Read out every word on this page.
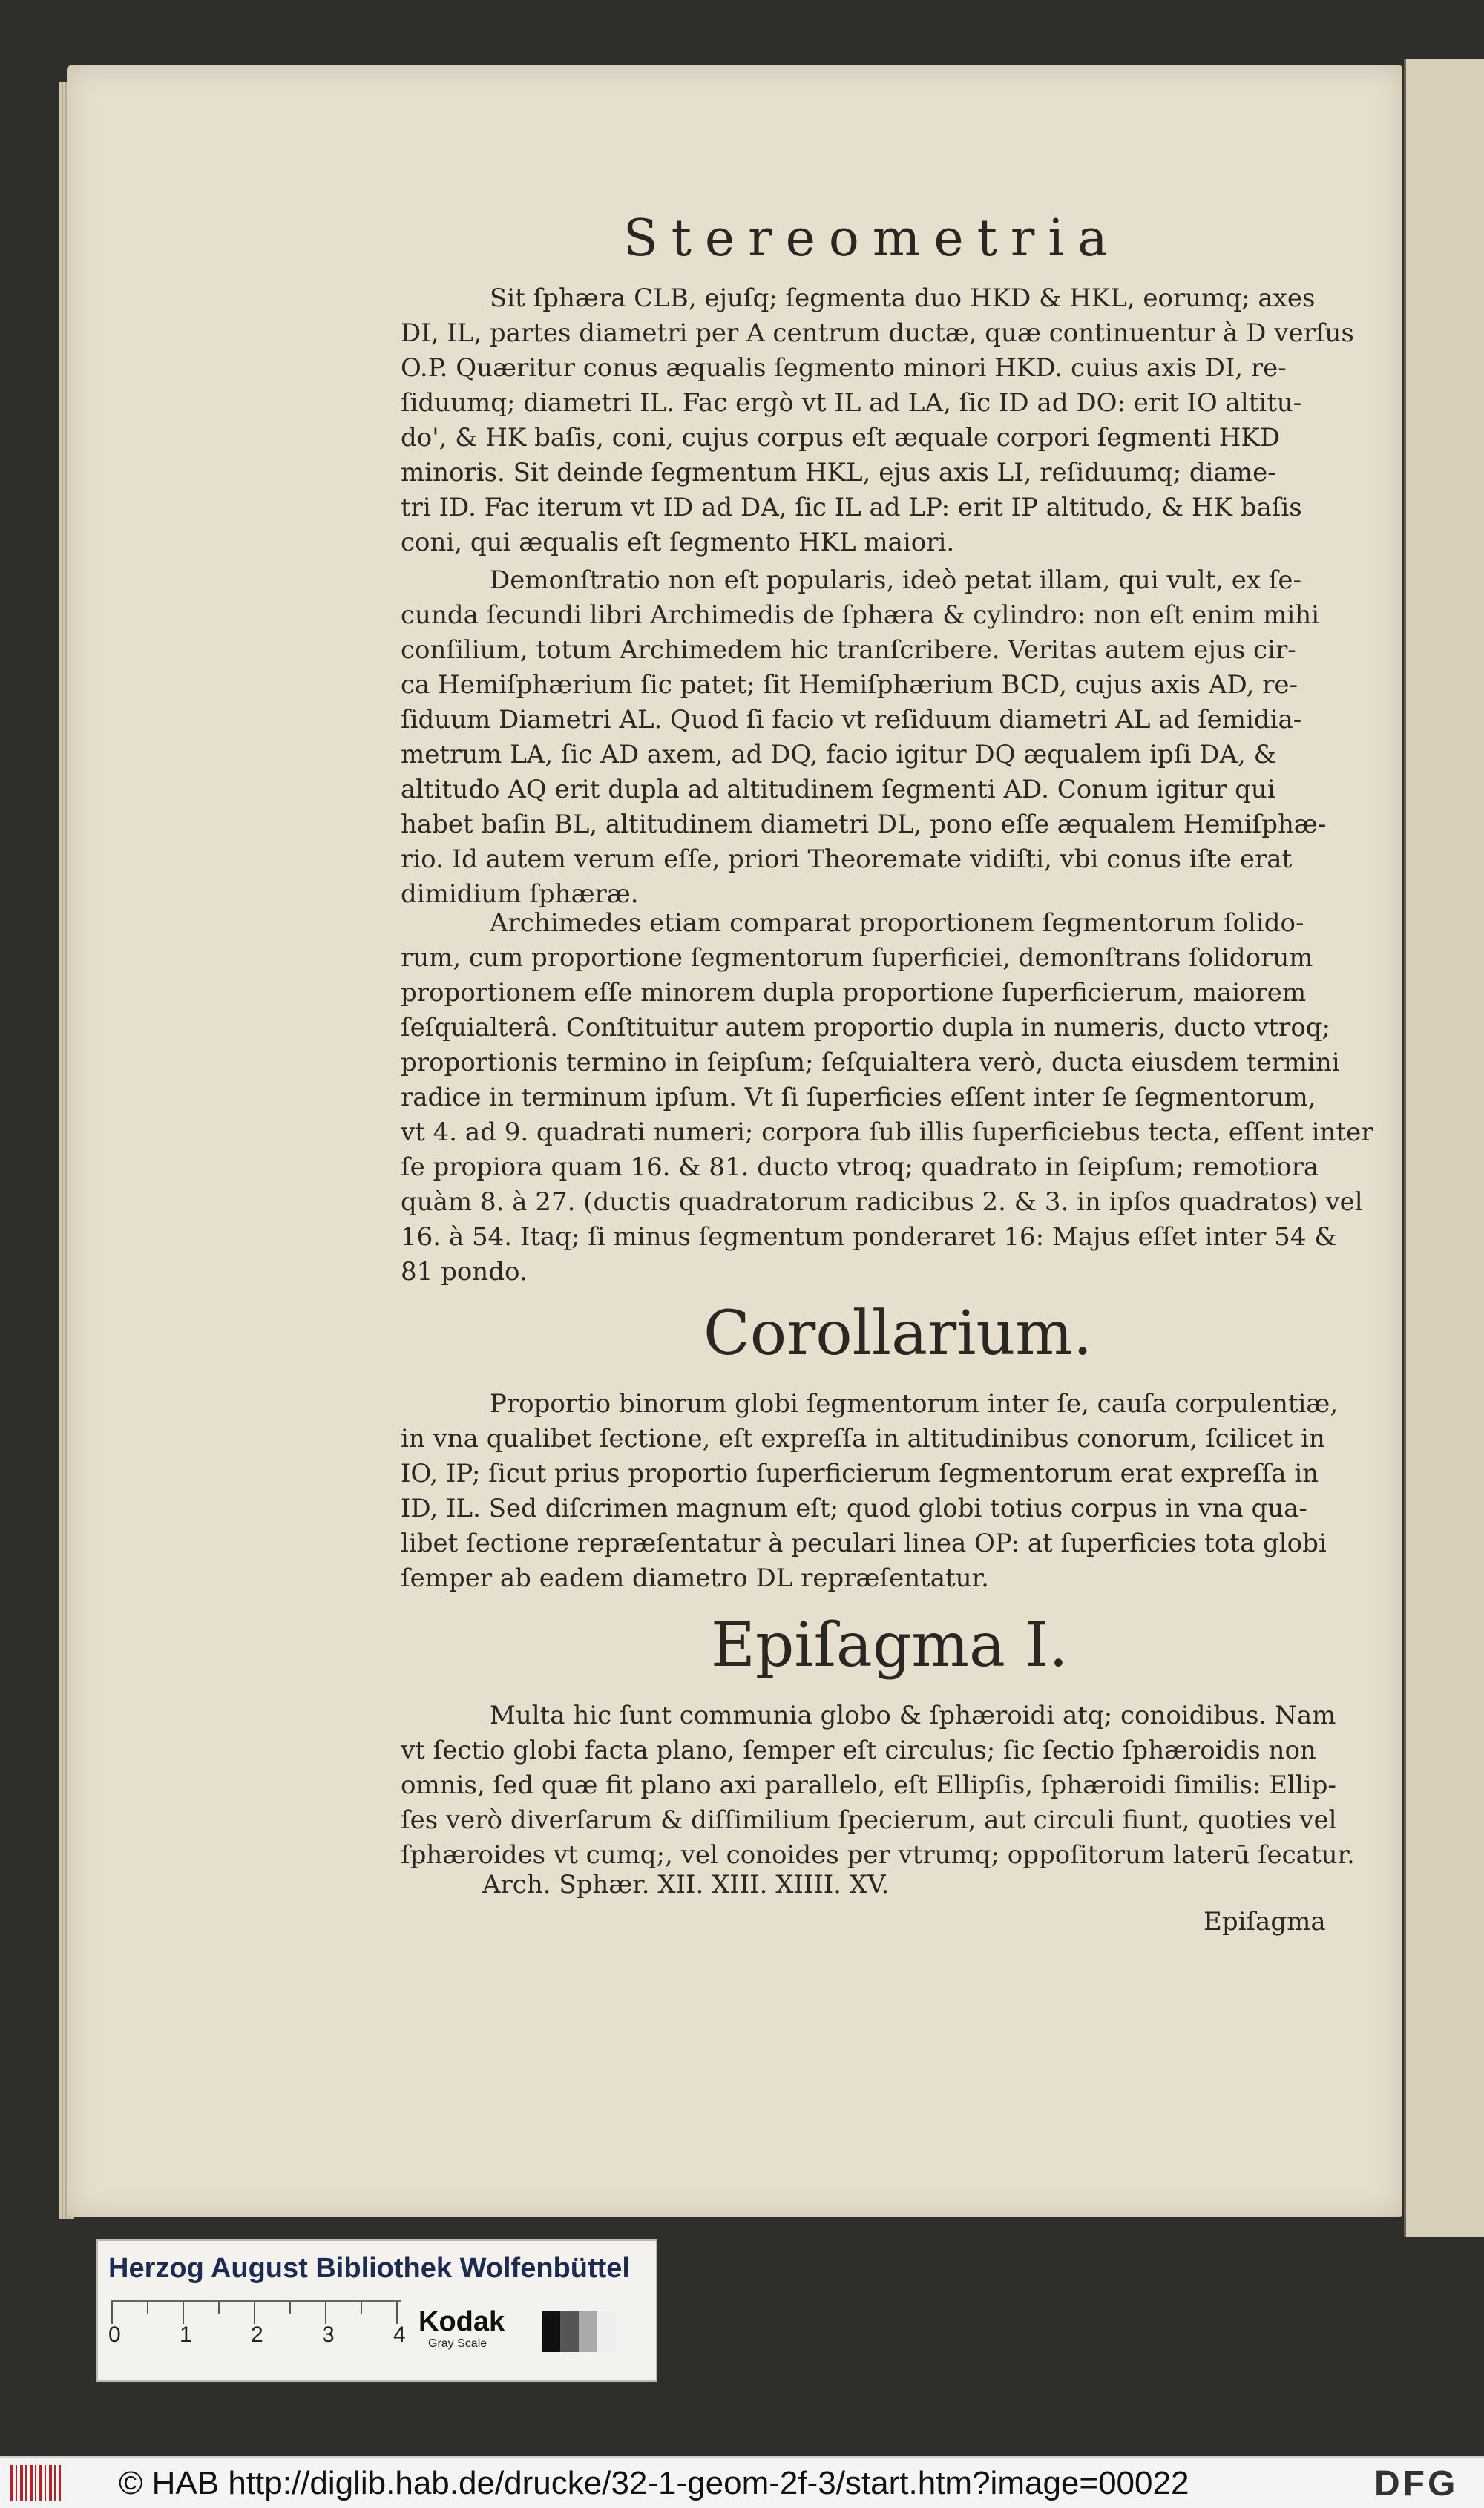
Stereometria
Sit ſphæra CLB, ejuſq; ſegmenta duo HKD & HKL, eorumq; axes
DI, IL, partes diametri per A centrum ductæ, quæ continuentur à D verſus
O.P. Quæritur conus æqualis ſegmento minori HKD. cuius axis DI, re-
ſiduumq; diametri IL. Fac ergò vt IL ad LA, ſic ID ad DO: erit IO altitu-
do', & HK baſis, coni, cujus corpus eſt æquale corpori ſegmenti HKD
minoris. Sit deinde ſegmentum HKL, ejus axis LI, reſiduumq; diame-
tri ID. Fac iterum vt ID ad DA, ſic IL ad LP: erit IP altitudo, & HK baſis
coni, qui æqualis eſt ſegmento HKL maiori.
Demonſtratio non eſt popularis, ideò petat illam, qui vult, ex ſe-
cunda ſecundi libri Archimedis de ſphæra & cylindro: non eſt enim mihi
conſilium, totum Archimedem hic tranſcribere. Veritas autem ejus cir-
ca Hemiſphærium ſic patet; ſit Hemiſphærium BCD, cujus axis AD, re-
ſiduum Diametri AL. Quod ſi facio vt reſiduum diametri AL ad ſemidia-
metrum LA, ſic AD axem, ad DQ, facio igitur DQ æqualem ipſi DA, &
altitudo AQ erit dupla ad altitudinem ſegmenti AD. Conum igitur qui
habet baſin BL, altitudinem diametri DL, pono eſſe æqualem Hemiſphæ-
rio. Id autem verum eſſe, priori Theoremate vidiſti, vbi conus iſte erat
dimidium ſphæræ.
Archimedes etiam comparat proportionem ſegmentorum ſolido-
rum, cum proportione ſegmentorum ſuperficiei, demonſtrans ſolidorum
proportionem eſſe minorem dupla proportione ſuperficierum, maiorem
ſeſquialterâ. Conſtituitur autem proportio dupla in numeris, ducto vtroq;
proportionis termino in ſeipſum; ſeſquialtera verò, ducta eiusdem termini
radice in terminum ipſum. Vt ſi ſuperficies eſſent inter ſe ſegmentorum,
vt 4. ad 9. quadrati numeri; corpora ſub illis ſuperficiebus tecta, eſſent inter
ſe propiora quam 16. & 81. ducto vtroq; quadrato in ſeipſum; remotiora
quàm 8. à 27. (ductis quadratorum radicibus 2. & 3. in ipſos quadratos) vel
16. à 54. Itaq; ſi minus ſegmentum ponderaret 16: Majus eſſet inter 54 &
81 pondo.
Proportio binorum globi ſegmentorum inter ſe, cauſa corpulentiæ,
in vna qualibet ſectione, eſt expreſſa in altitudinibus conorum, ſcilicet in
IO, IP; ſicut prius proportio ſuperficierum ſegmentorum erat expreſſa in
ID, IL. Sed diſcrimen magnum eſt; quod globi totius corpus in vna qua-
libet ſectione repræſentatur à peculari linea OP: at ſuperficies tota globi
ſemper ab eadem diametro DL repræſentatur.
Multa hic ſunt communia globo & ſphæroidi atq; conoidibus. Nam
vt ſectio globi facta plano, ſemper eſt circulus; ſic ſectio ſphæroidis non
omnis, ſed quæ fit plano axi parallelo, eſt Ellipſis, ſphæroidi ſimilis: Ellip-
ſes verò diverſarum & diſſimilium ſpecierum, aut circuli fiunt, quoties vel
ſphæroides vt cumq;, vel conoides per vtrumq; oppoſitorum laterū ſecatur.
Corollarium.
Epiſagma I.
Arch. Sphær. XII. XIII. XIIII. XV.
Epiſagma
Herzog August Bibliothek Wolfenbüttel
0	1	2	3	4 Kodak
Gray Scale
© HAB http://diglib.hab.de/drucke/32-1-geom-2f-3/start.htm?image=00022	DFG
